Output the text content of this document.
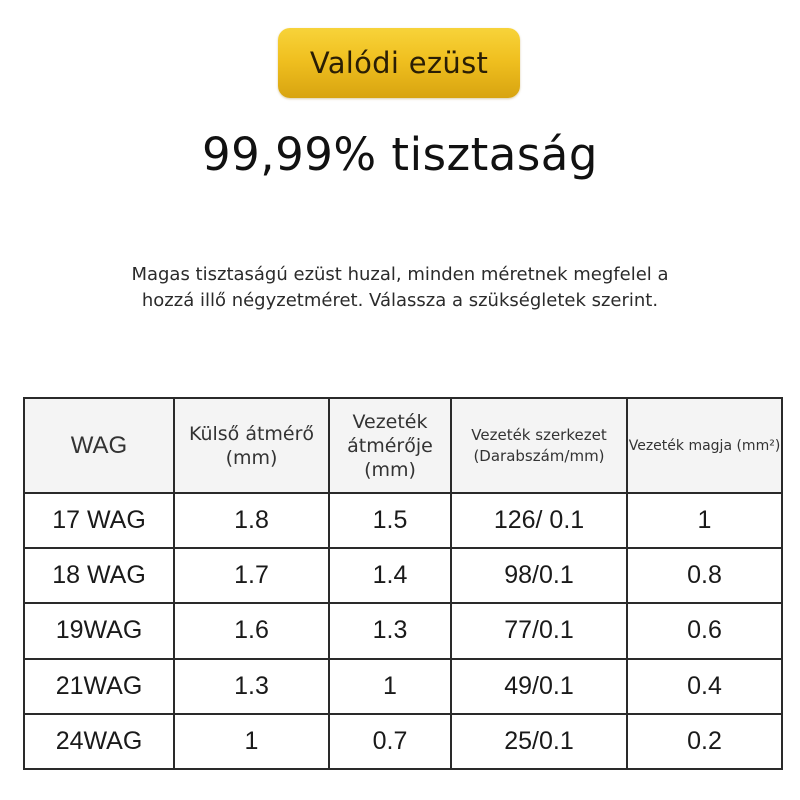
Valódi ezüst
99,99% tisztaság
Magas tisztaságú ezüst huzal, minden méretnek megfelel a hozzá illő négyzetméret. Válassza a szükségletek szerint.
WAG	Külső átmérő (mm)	Vezeték átmérője (mm)	Vezeték szerkezet (Darabszám/mm)	Vezeték magja (mm²)
17 WAG	1.8	1.5	126/ 0.1	1
18 WAG	1.7	1.4	98/0.1	0.8
19WAG	1.6	1.3	77/0.1	0.6
21WAG	1.3	1	49/0.1	0.4
24WAG	1	0.7	25/0.1	0.2
